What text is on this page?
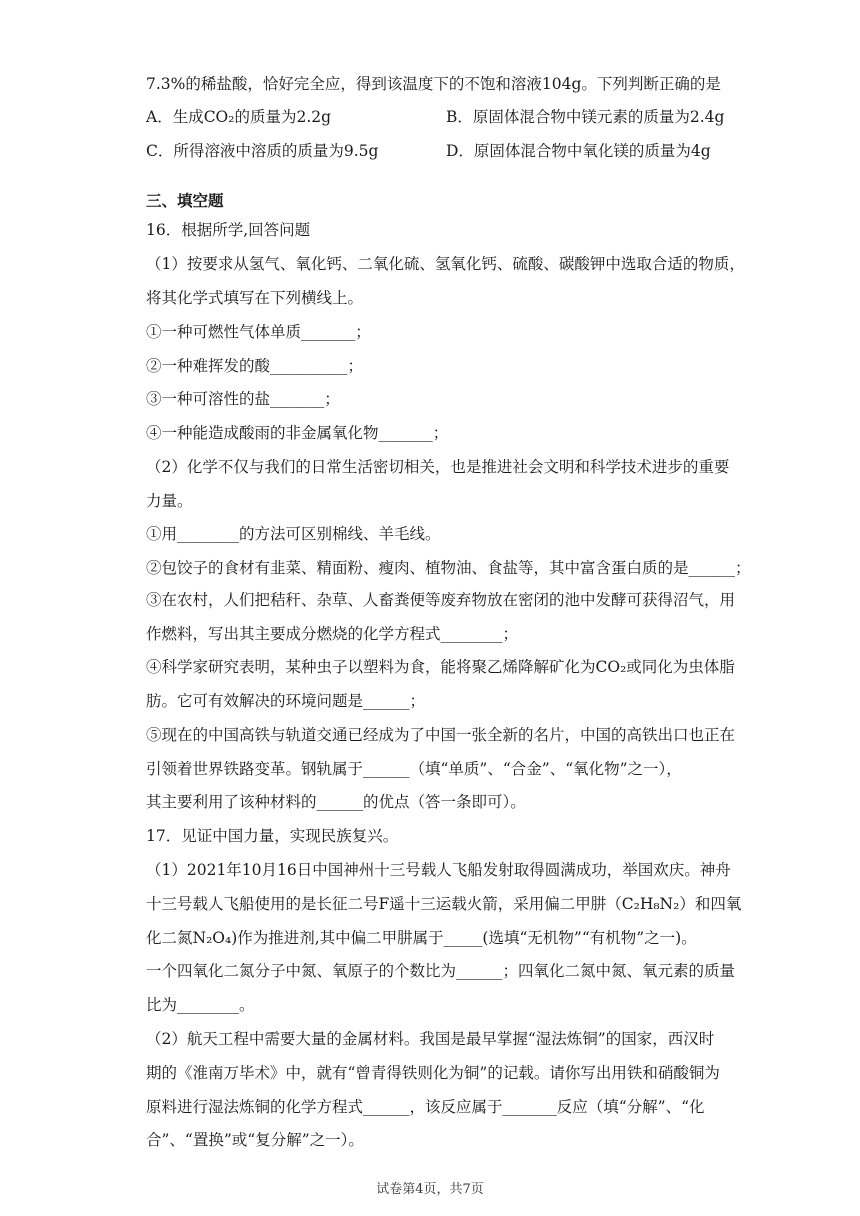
7.3%的稀盐酸，恰好完全应，得到该温度下的不饱和溶液104g。下列判断正确的是
A．生成CO₂的质量为2.2g	B．原固体混合物中镁元素的质量为2.4g
C．所得溶液中溶质的质量为9.5g	D．原固体混合物中氧化镁的质量为4g
三、填空题
16．根据所学,回答问题
（1）按要求从氢气、氧化钙、二氧化硫、氢氧化钙、硫酸、碳酸钾中选取合适的物质，
将其化学式填写在下列横线上。
①一种可燃性气体单质_______；
②一种难挥发的酸__________；
③一种可溶性的盐_______；
④一种能造成酸雨的非金属氧化物_______；
（2）化学不仅与我们的日常生活密切相关，也是推进社会文明和科学技术进步的重要
力量。
①用________的方法可区别棉线、羊毛线。
②包饺子的食材有韭菜、精面粉、瘦肉、植物油、食盐等，其中富含蛋白质的是______；
③在农村，人们把秸秆、杂草、人畜粪便等废弃物放在密闭的池中发酵可获得沼气，用
作燃料，写出其主要成分燃烧的化学方程式________；
④科学家研究表明，某种虫子以塑料为食，能将聚乙烯降解矿化为CO₂或同化为虫体脂
肪。它可有效解决的环境问题是______；
⑤现在的中国高铁与轨道交通已经成为了中国一张全新的名片，中国的高铁出口也正在
引领着世界铁路变革。钢轨属于______（填“单质”、“合金”、“氧化物”之一），
其主要利用了该种材料的______的优点（答一条即可）。
17．见证中国力量，实现民族复兴。
（1）2021年10月16日中国神州十三号载人飞船发射取得圆满成功，举国欢庆。神舟
十三号载人飞船使用的是长征二号F遥十三运载火箭，采用偏二甲肼（C₂H₈N₂）和四氧
化二氮N₂O₄)作为推进剂,其中偏二甲肼属于_____(选填“无机物”“有机物”之一)。
一个四氧化二氮分子中氮、氧原子的个数比为______；四氧化二氮中氮、氧元素的质量
比为________。
（2）航天工程中需要大量的金属材料。我国是最早掌握“湿法炼铜”的国家，西汉时
期的《淮南万毕术》中，就有“曾青得铁则化为铜”的记载。请你写出用铁和硝酸铜为
原料进行湿法炼铜的化学方程式______，该反应属于_______反应（填“分解”、“化
合”、“置换”或“复分解”之一）。
试卷第4页，共7页
